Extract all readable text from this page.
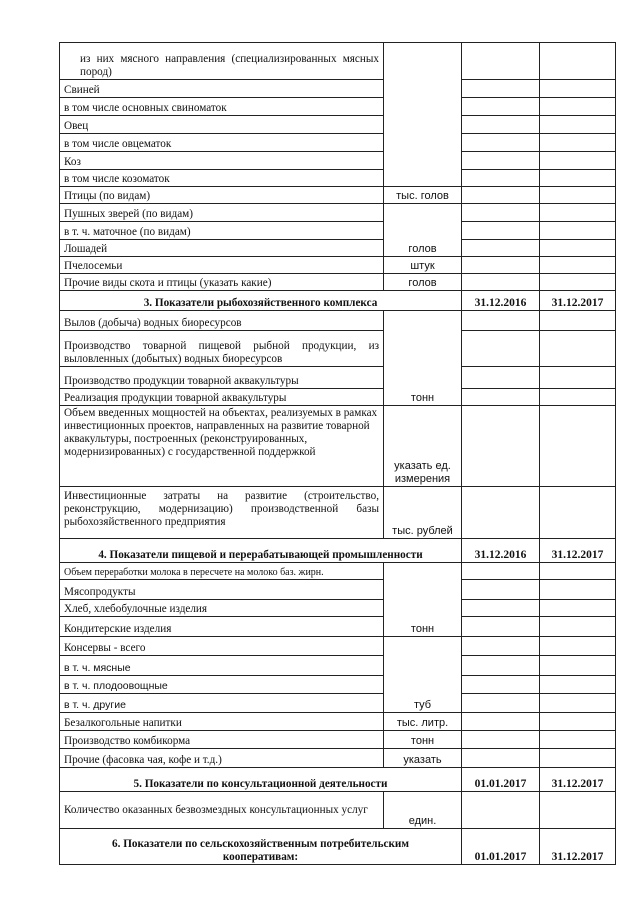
из них мясного направления (специализированных мясных пород)			
Свиней			
в том числе основных свиноматок			
Овец			
в том числе овцематок			
Коз			
в том числе козоматок			
Птицы (по видам)	тыс. голов		
Пушных зверей (по видам)	голов		
в т. ч. маточное (по видам)			
Лошадей			
Пчелосемьи	штук		
Прочие виды скота и птицы (указать какие)	голов		
3. Показатели рыбохозяйственного комплекса		31.12.2016	31.12.2017
Вылов (добыча) водных биоресурсов	тонн		
Производство товарной пищевой рыбной продукции, из выловленных (добытых) водных биоресурсов			
Производство продукции товарной аквакультуры			
Реализация продукции товарной аквакультуры			
Объем введенных мощностей на объектах, реализуемых в рамках инвестиционных проектов, направленных на развитие товарной аквакультуры, построенных (реконструированных, модернизированных) с государственной поддержкой	указать ед. измерения		
Инвестиционные затраты на развитие (строительство, реконструкцию, модернизацию) производственной базы рыбохозяйственного предприятия	тыс. рублей		
4. Показатели пищевой и перерабатывающей промышленности		31.12.2016	31.12.2017
Объем переработки молока в пересчете на молоко баз. жирн.	тонн		
Мясопродукты			
Хлеб, хлебобулочные изделия			
Кондитерские изделия			
Консервы - всего	туб		
в т. ч. мясные			
в т. ч. плодоовощные			
в т. ч. другие			
Безалкогольные напитки	тыс. литр.		
Производство комбикорма	тонн		
Прочие (фасовка чая, кофе и т.д.)	указать		
5. Показатели по консультационной деятельности		01.01.2017	31.12.2017
Количество оказанных безвозмездных консультационных услуг	един.		
6. Показатели по сельскохозяйственным потребительским кооперативам:		01.01.2017	31.12.2017
